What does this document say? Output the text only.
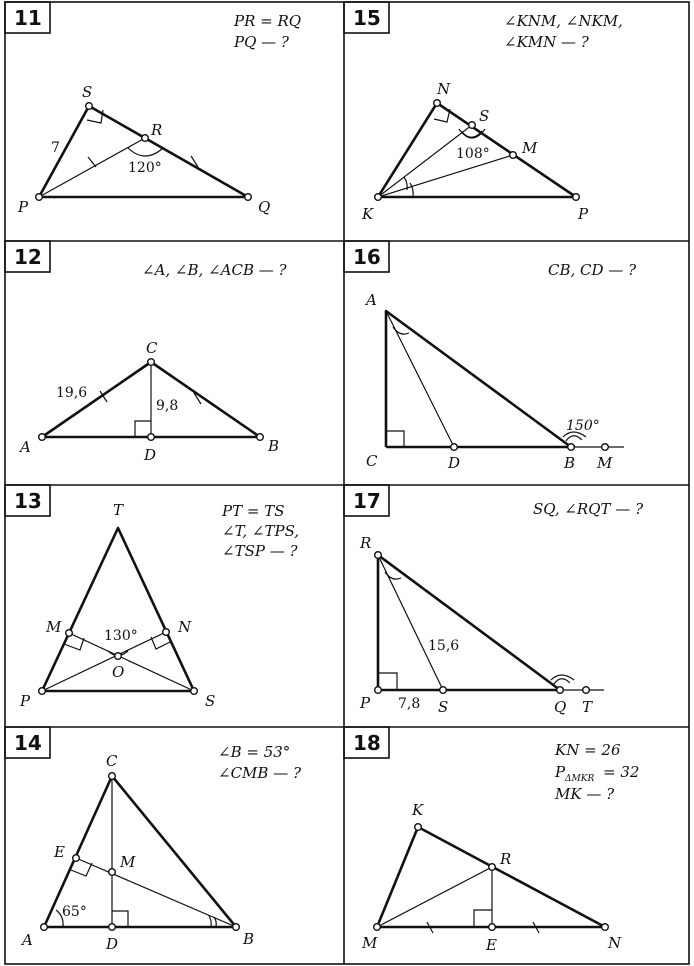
11
12
13
14
15
16
17
18
PR = RQ
PQ — ?
S
R
P	Q
7
120°
∠KNM, ∠NKM,
∠KMN — ?
N
S
M
K	P
108°
∠A, ∠B, ∠ACB — ?
C
A	D	B
19,6
9,8
CB, CD — ?
A
C	D	B M
150°
PT = TS
∠T, ∠TPS,
∠TSP — ?
T
M	N
O
P	S
130°
SQ, ∠RQT — ?
R
P	S	Q T
15,6
7,8
∠B = 53°
∠CMB — ?
C
E
M
A	D	B
65°
KN = 26
P ΔMKR = 32
MK — ?
K
R
M	E	N
